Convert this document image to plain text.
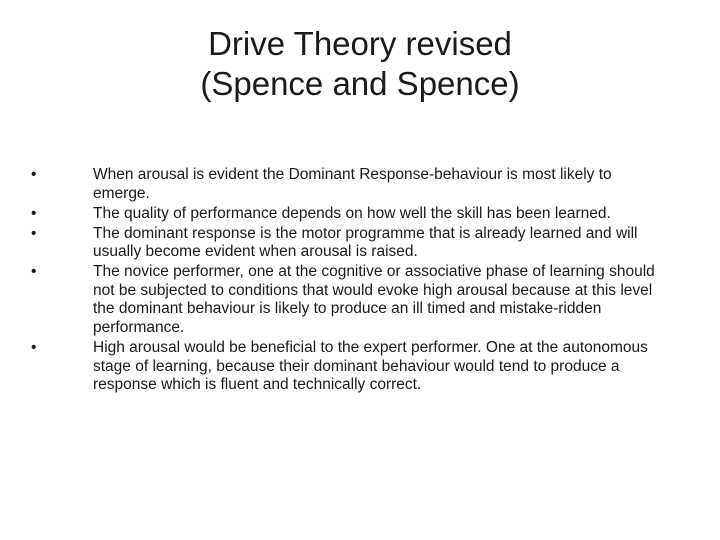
Drive Theory revised
(Spence and Spence)
•	When arousal is evident the Dominant Response-behaviour is most likely to emerge.
•	The quality of performance depends on how well the skill has been learned.
•	The dominant response is the motor programme that is already learned and will usually become evident when arousal is raised.
•	The novice performer, one at the cognitive or associative phase of learning should not be subjected to conditions that would evoke high arousal because at this level the dominant behaviour is likely to produce an ill timed and mistake-ridden performance.
•	High arousal would be beneficial to the expert performer. One at the autonomous stage of learning, because their dominant behaviour would tend to produce a response which is fluent and technically correct.
